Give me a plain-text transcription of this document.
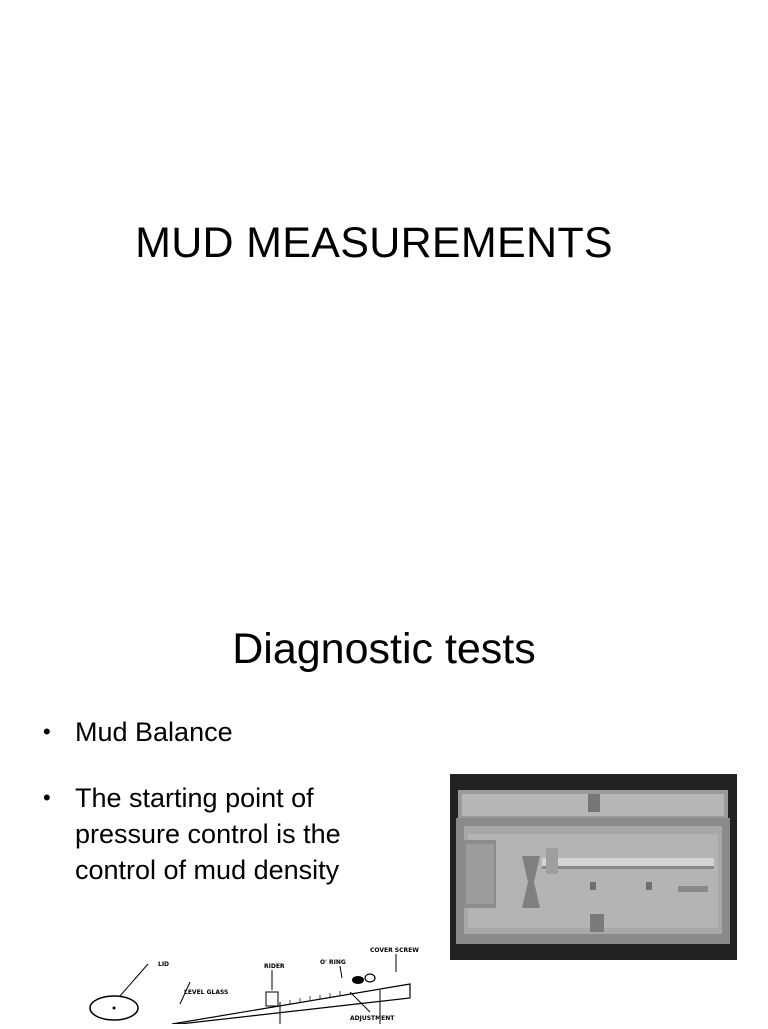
MUD MEASUREMENTS
Diagnostic tests
• Mud Balance
• The starting point of pressure control is the control of mud density
LID
LEVEL GLASS
RIDER
O' RING
COVER SCREW
ADJUSTMENT
